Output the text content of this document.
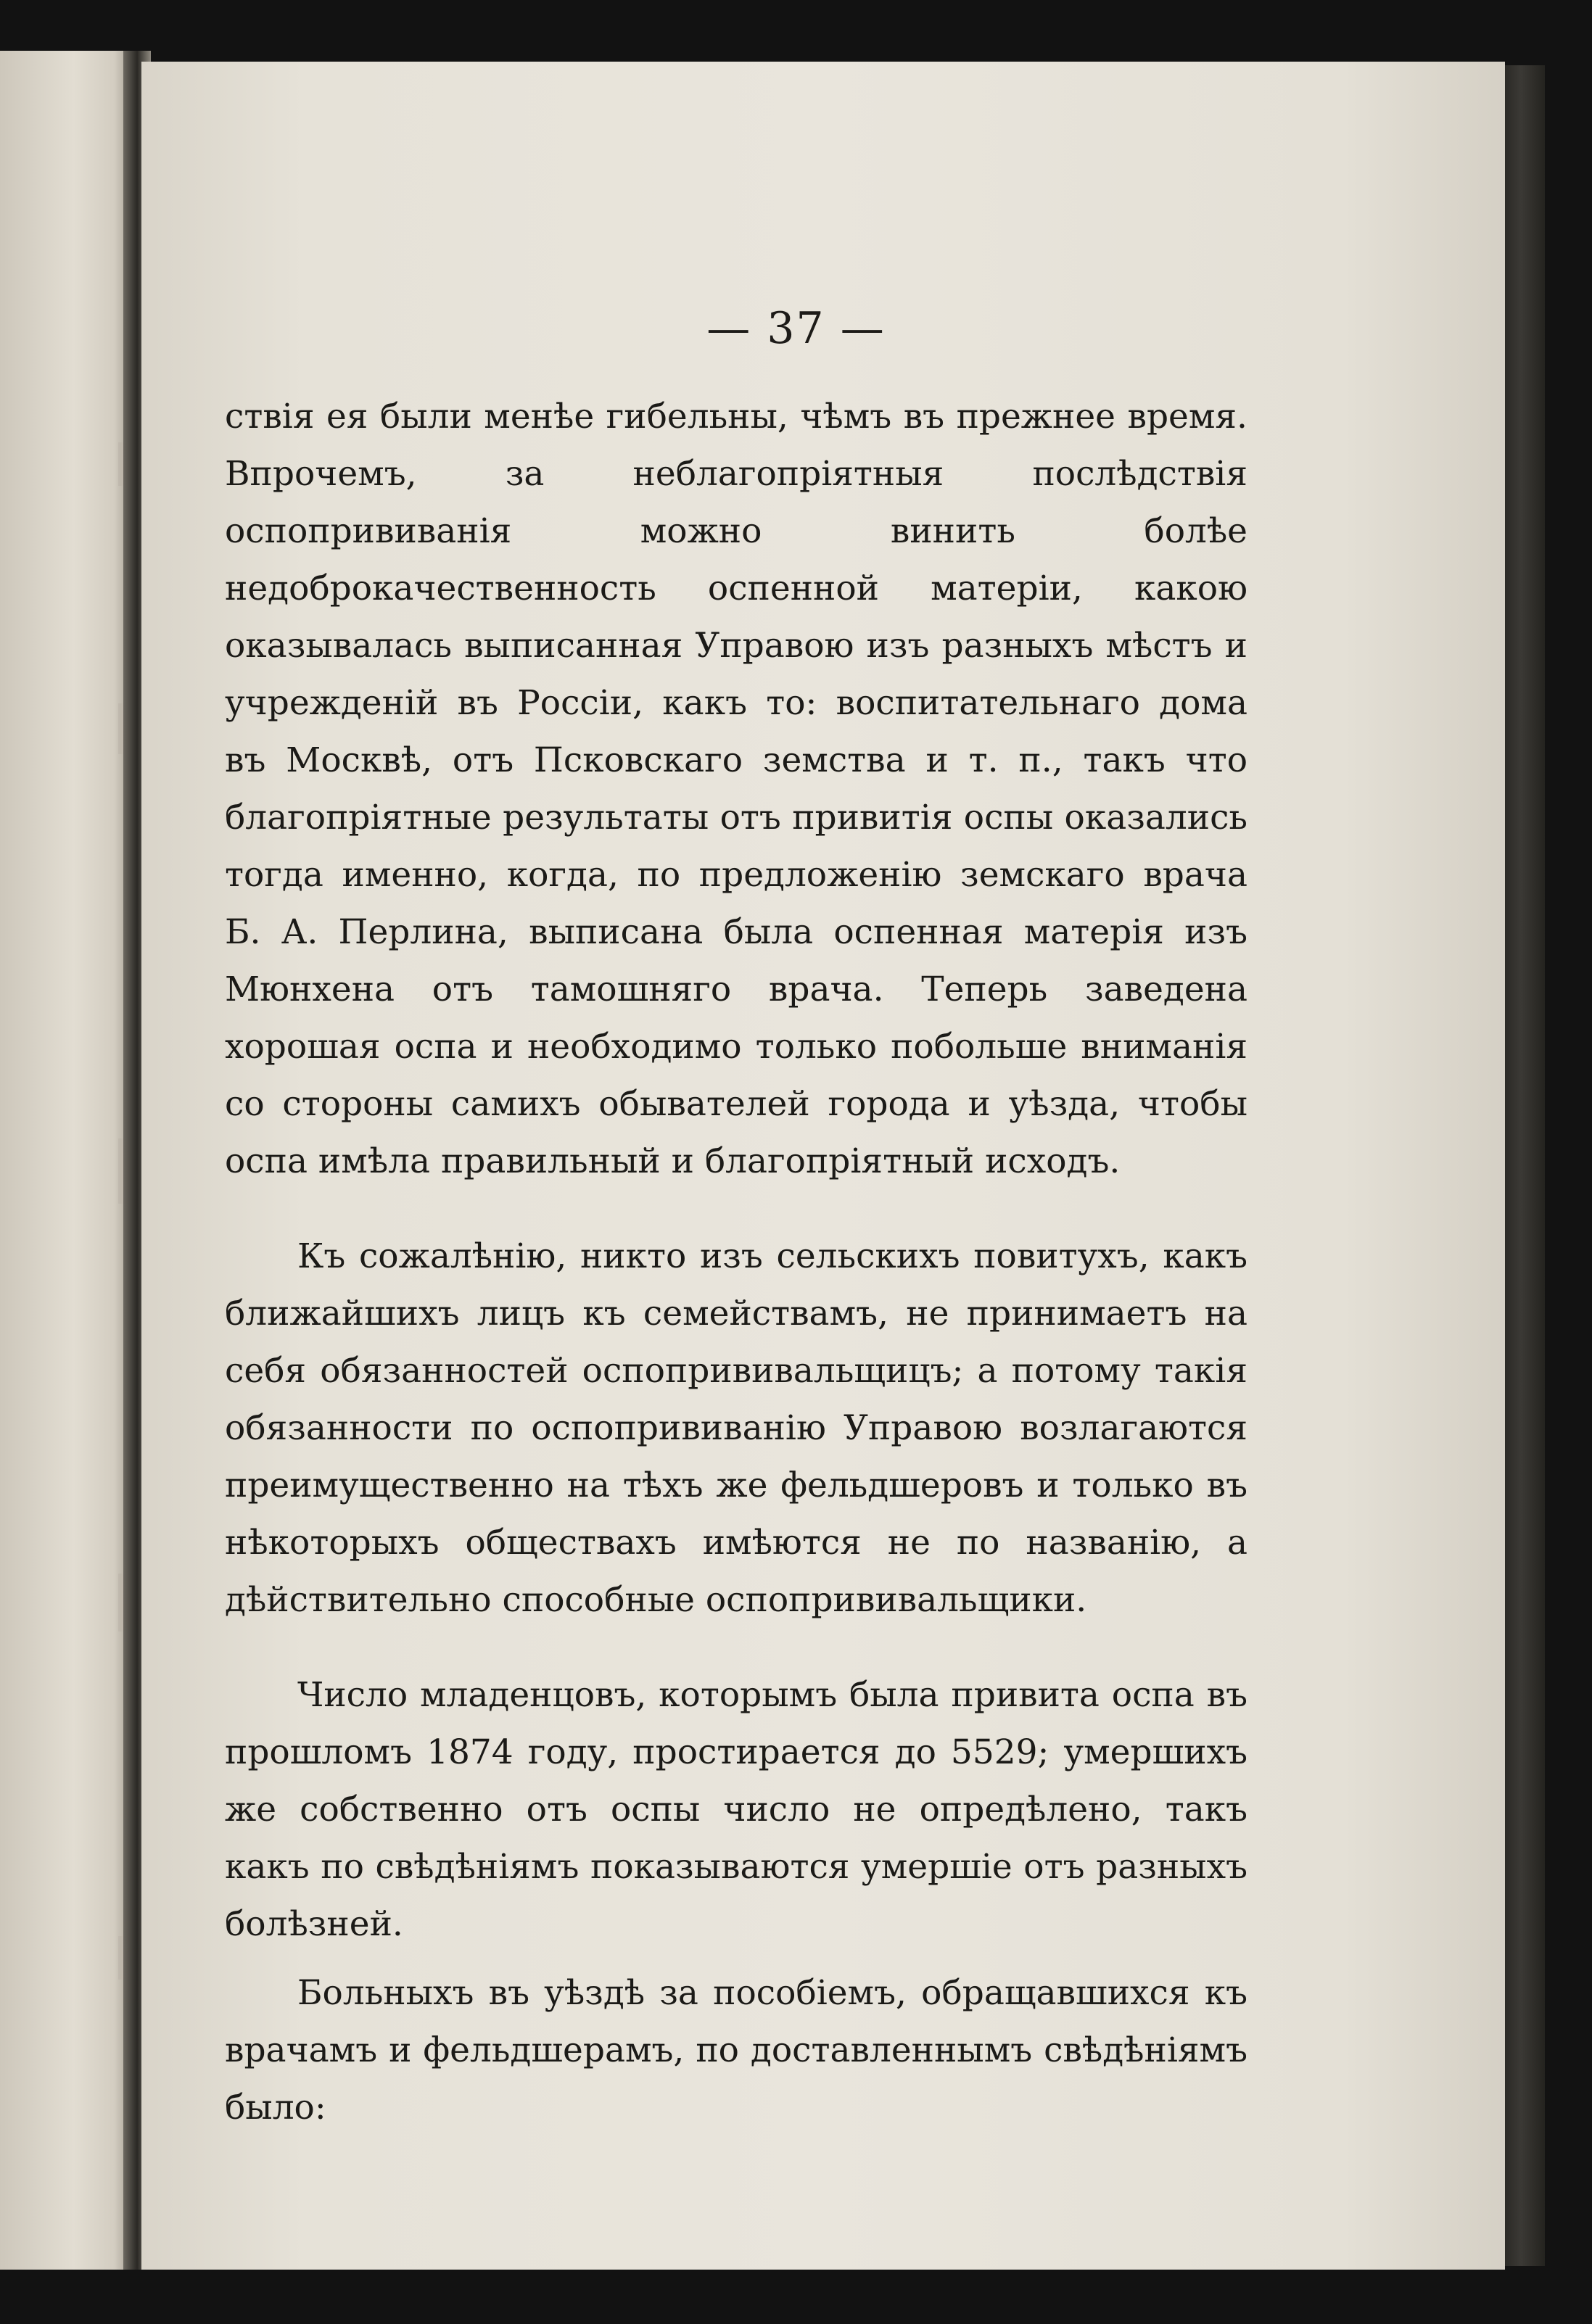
— 37 —

ствія ея были менѣе гибельны, чѣмъ въ прежнее время. Впрочемъ, за неблагопріятныя послѣдствія оспопрививанія можно винить болѣе недоброкачественность оспенной матеріи, какою оказывалась выписанная Управою изъ разныхъ мѣстъ и учрежденій въ Россіи, какъ то: воспитательнаго дома въ Москвѣ, отъ Псковскаго земства и т. п., такъ что благопріятные результаты отъ привитія оспы оказались тогда именно, когда, по предложенію земскаго врача Б. А. Перлина, выписана была оспенная матерія изъ Мюнхена отъ тамошняго врача. Теперь заведена хорошая оспа и необходимо только побольше вниманія со стороны самихъ обывателей города и уѣзда, чтобы оспа имѣла правильный и благопріятный исходъ.

Къ сожалѣнію, никто изъ сельскихъ повитухъ, какъ ближайшихъ лицъ къ семействамъ, не принимаетъ на себя обязанностей оспопрививальщицъ; а потому такія обязанности по оспопрививанію Управою возлагаются преимущественно на тѣхъ же фельдшеровъ и только въ нѣкоторыхъ обществахъ имѣются не по названію, а дѣйствительно способные оспопрививальщики.

Число младенцовъ, которымъ была привита оспа въ прошломъ 1874 году, простирается до 5529; умершихъ же собственно отъ оспы число не опредѣлено, такъ какъ по свѣдѣніямъ показываются умершіе отъ разныхъ болѣзней.

Больныхъ въ уѣздѣ за пособіемъ, обращавшихся къ врачамъ и фельдшерамъ, по доставленнымъ свѣдѣніямъ было:
